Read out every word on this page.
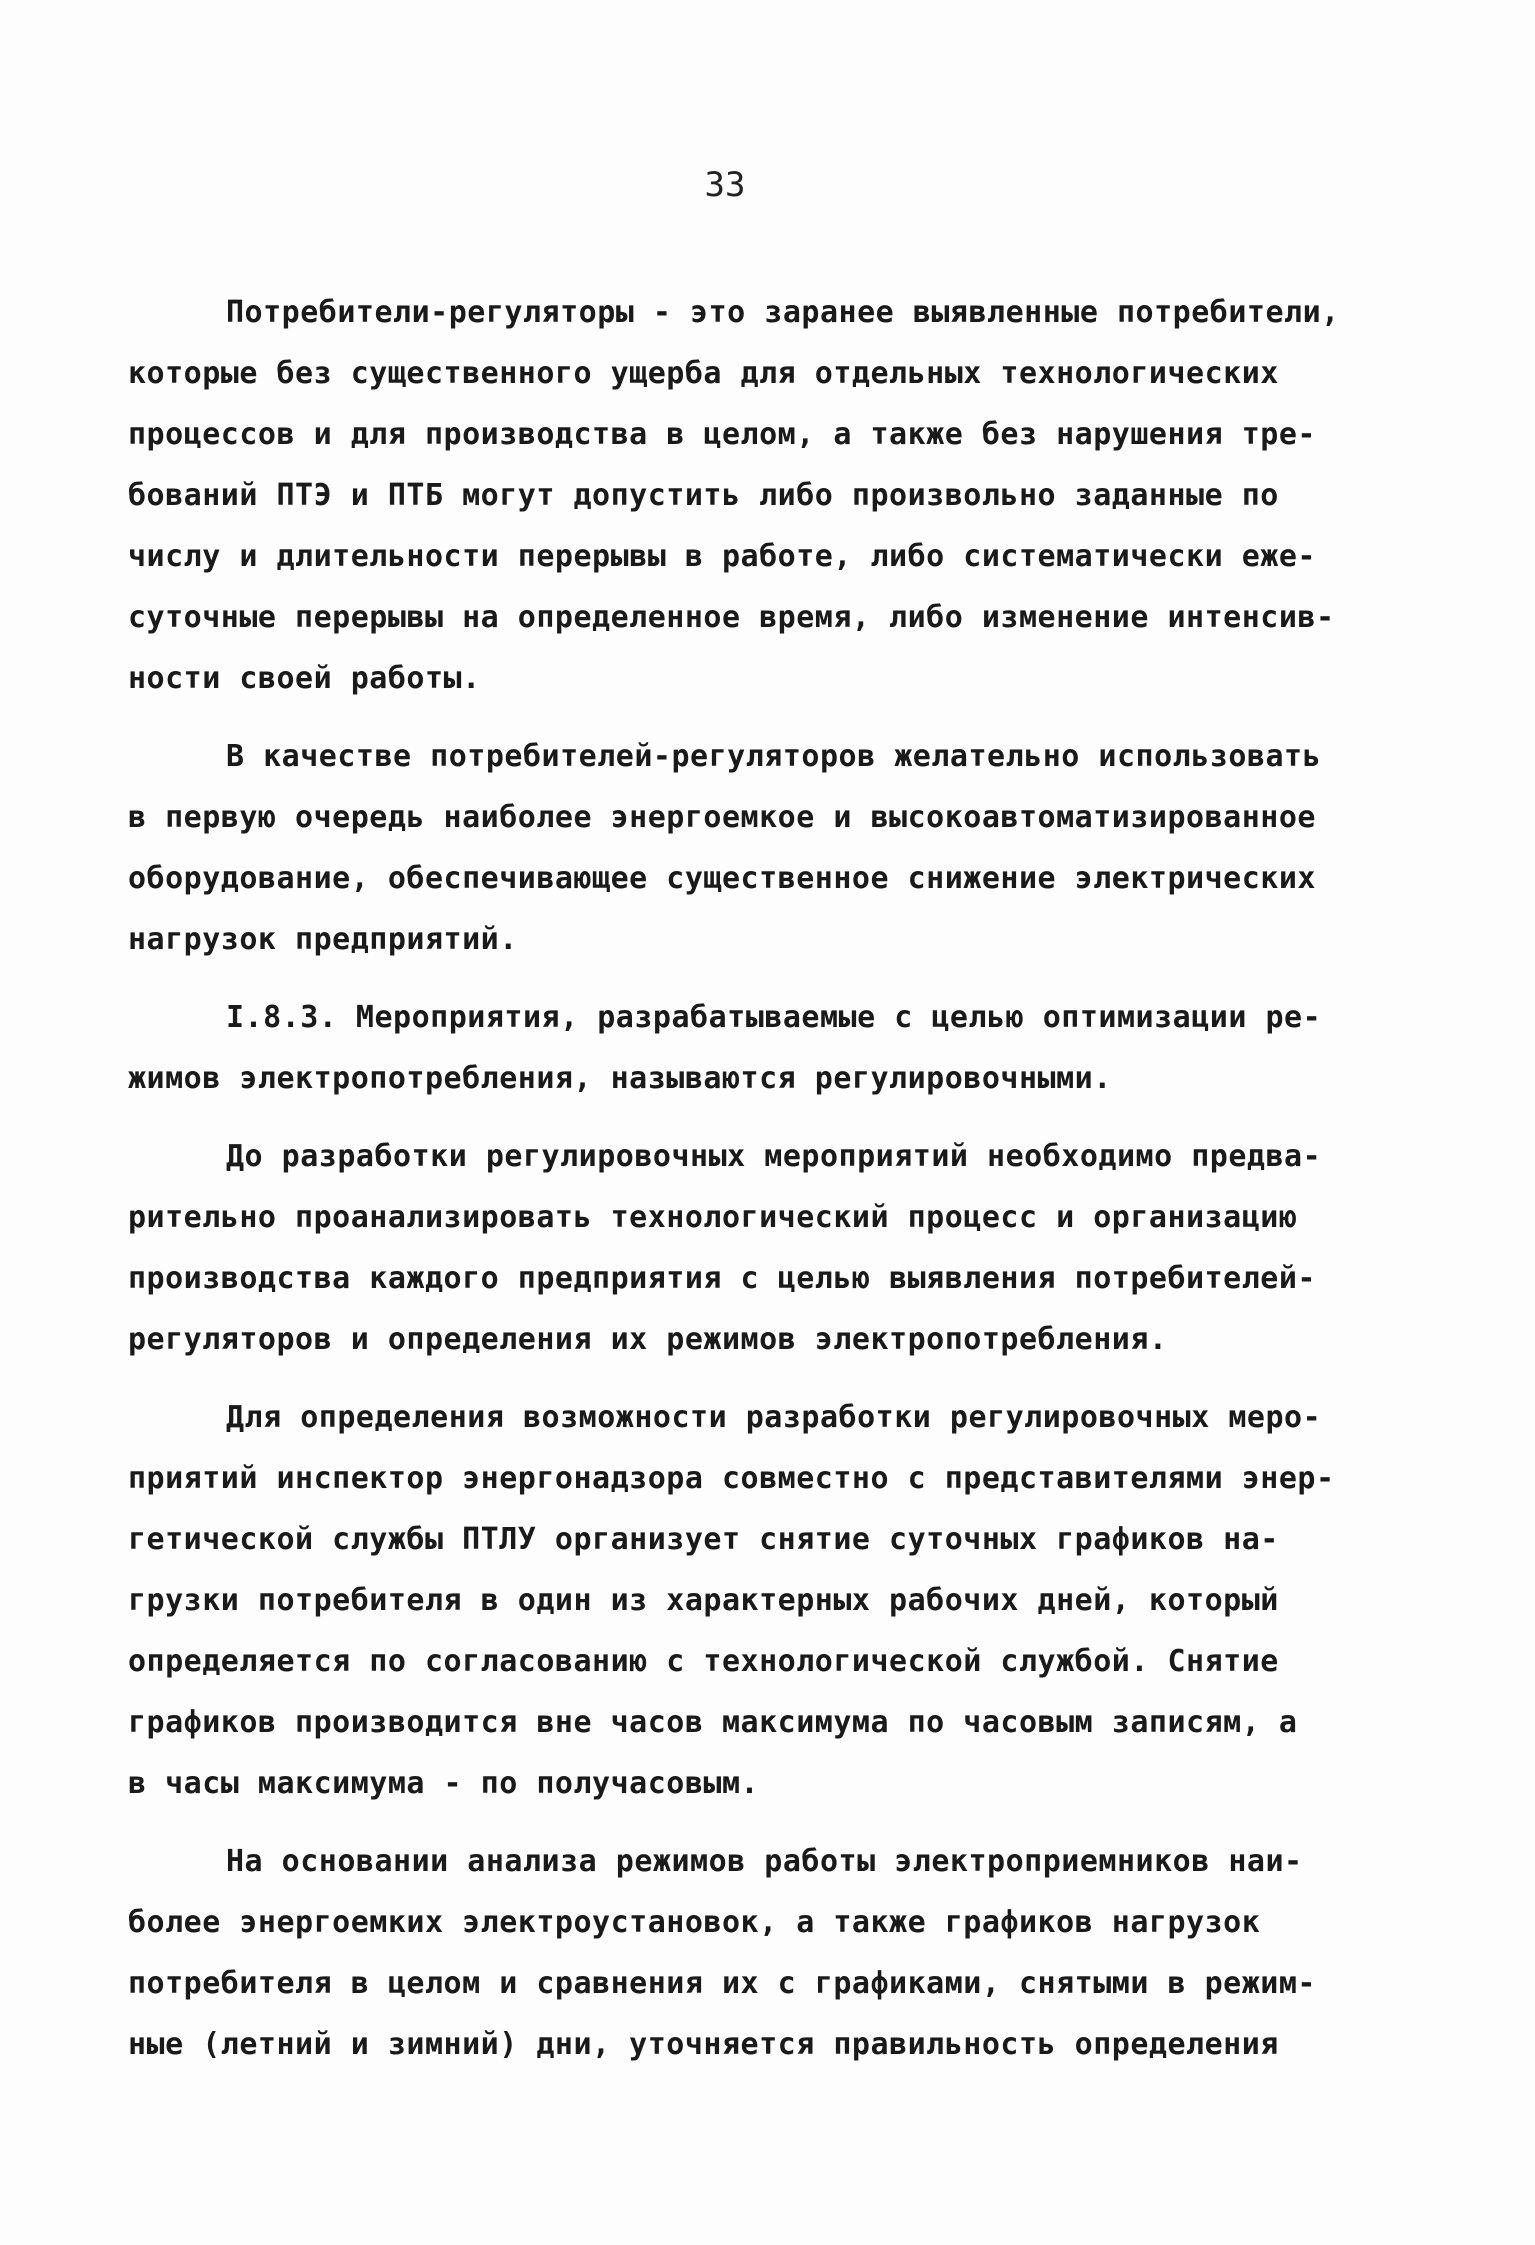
33
Потребители-регуляторы - это заранее выявленные потребители,
которые без существенного ущерба для отдельных технологических
процессов и для производства в целом, а также без нарушения тре-
бований ПТЭ и ПТБ могут допустить либо произвольно заданные по
числу и длительности перерывы в работе, либо систематически еже-
суточные перерывы на определенное время, либо изменение интенсив-
ности своей работы.
В качестве потребителей-регуляторов желательно использовать
в первую очередь наиболее энергоемкое и высокоавтоматизированное
оборудование, обеспечивающее существенное снижение электрических
нагрузок предприятий.
I.8.3. Мероприятия, разрабатываемые с целью оптимизации ре-
жимов электропотребления, называются регулировочными.
До разработки регулировочных мероприятий необходимо предва-
рительно проанализировать технологический процесс и организацию
производства каждого предприятия с целью выявления потребителей-
регуляторов и определения их режимов электропотребления.
Для определения возможности разработки регулировочных меро-
приятий инспектор энергонадзора совместно с представителями энер-
гетической службы ПТЛУ организует снятие суточных графиков на-
грузки потребителя в один из характерных рабочих дней, который
определяется по согласованию с технологической службой. Снятие
графиков производится вне часов максимума по часовым записям, а
в часы максимума - по получасовым.
На основании анализа режимов работы электроприемников наи-
более энергоемких электроустановок, а также графиков нагрузок
потребителя в целом и сравнения их с графиками, снятыми в режим-
ные (летний и зимний) дни, уточняется правильность определения
